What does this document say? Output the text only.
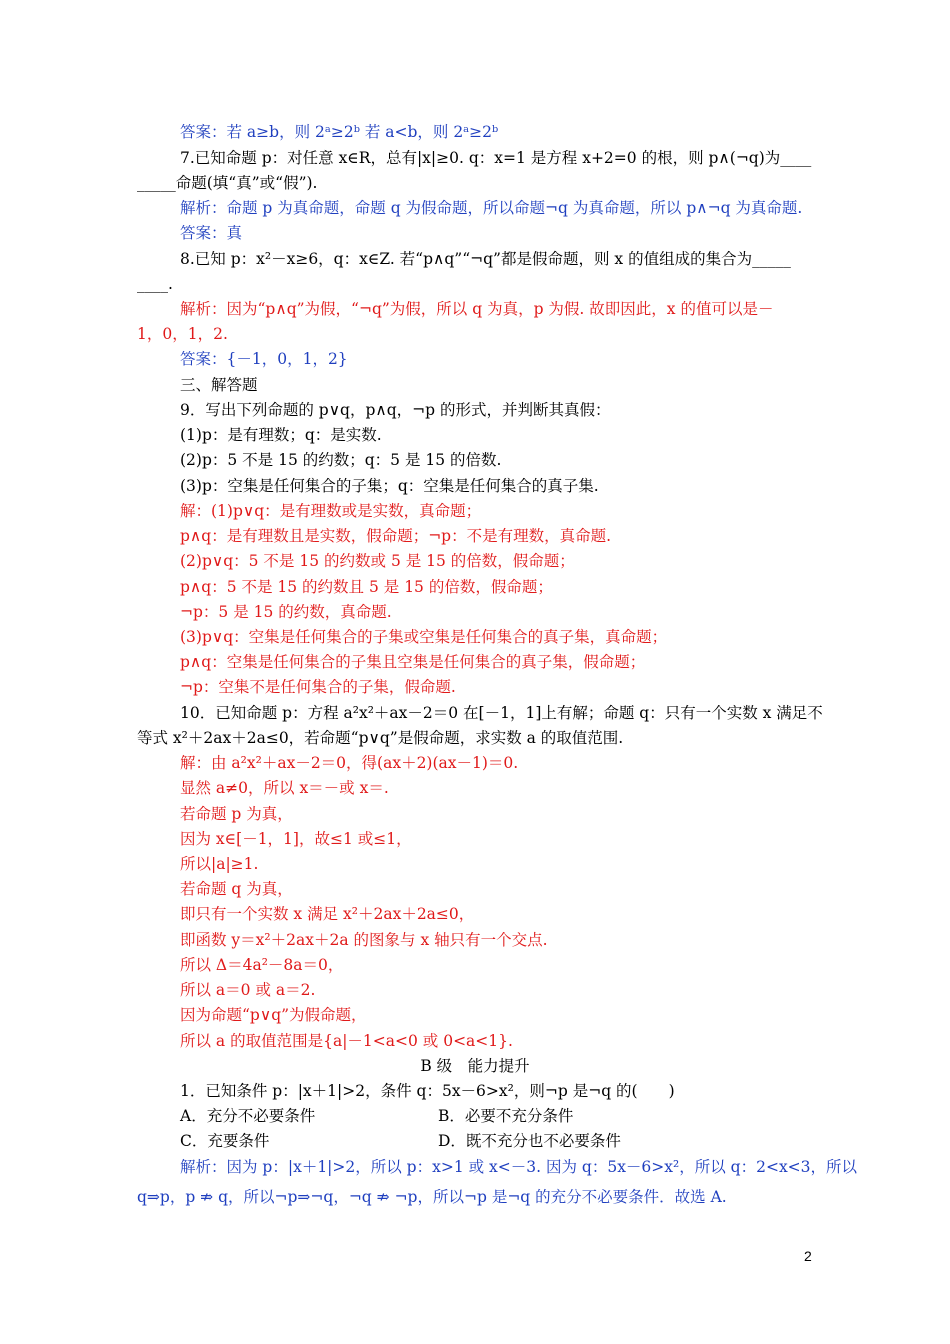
答案：若 a≥b，则 2ᵃ≥2ᵇ 若 a<b，则 2ᵃ≥2ᵇ
7.已知命题 p：对任意 x∈R，总有|x|≥0. q：x=1 是方程 x+2=0 的根，则 p∧(¬q)为____
_____命题(填“真”或“假”).
解析：命题 p 为真命题，命题 q 为假命题，所以命题¬q 为真命题，所以 p∧¬q 为真命题.
答案：真
8.已知 p：x²－x≥6，q：x∈Z. 若“p∧q”“¬q”都是假命题，则 x 的值组成的集合为_____
____.
解析：因为“p∧q”为假，“¬q”为假，所以 q 为真，p 为假. 故即因此，x 的值可以是－
1，0，1，2.
答案：{－1，0，1，2}
三、解答题
9．写出下列命题的 p∨q，p∧q，¬p 的形式，并判断其真假：
(1)p：是有理数；q：是实数.
(2)p：5 不是 15 的约数；q：5 是 15 的倍数.
(3)p：空集是任何集合的子集；q：空集是任何集合的真子集.
解：(1)p∨q：是有理数或是实数，真命题；
p∧q：是有理数且是实数，假命题；¬p：不是有理数，真命题.
(2)p∨q：5 不是 15 的约数或 5 是 15 的倍数，假命题；
p∧q：5 不是 15 的约数且 5 是 15 的倍数，假命题；
¬p：5 是 15 的约数，真命题.
(3)p∨q：空集是任何集合的子集或空集是任何集合的真子集，真命题；
p∧q：空集是任何集合的子集且空集是任何集合的真子集，假命题；
¬p：空集不是任何集合的子集，假命题.
10．已知命题 p：方程 a²x²＋ax－2＝0 在[－1，1]上有解；命题 q：只有一个实数 x 满足不
等式 x²＋2ax＋2a≤0，若命题“p∨q”是假命题，求实数 a 的取值范围.
解：由 a²x²＋ax－2＝0，得(ax＋2)(ax－1)＝0.
显然 a≠0，所以 x＝－或 x＝.
若命题 p 为真，
因为 x∈[－1，1]，故≤1 或≤1，
所以|a|≥1.
若命题 q 为真，
即只有一个实数 x 满足 x²＋2ax＋2a≤0，
即函数 y＝x²＋2ax＋2a 的图象与 x 轴只有一个交点.
所以 Δ＝4a²－8a＝0，
所以 a＝0 或 a＝2.
因为命题“p∨q”为假命题，
所以 a 的取值范围是{a|－1<a<0 或 0<a<1}.
B 级　能力提升
1．已知条件 p：|x＋1|>2，条件 q：5x－6>x²，则¬p 是¬q 的(　　)
A．充分不必要条件	B．必要不充分条件
C．充要条件	D．既不充分也不必要条件
解析：因为 p：|x＋1|>2，所以 p：x>1 或 x<－3. 因为 q：5x－6>x²，所以 q：2<x<3，所以
q⇒p，p ⇏ q，所以¬p⇒¬q，¬q ⇏ ¬p，所以¬p 是¬q 的充分不必要条件．故选 A.
2
